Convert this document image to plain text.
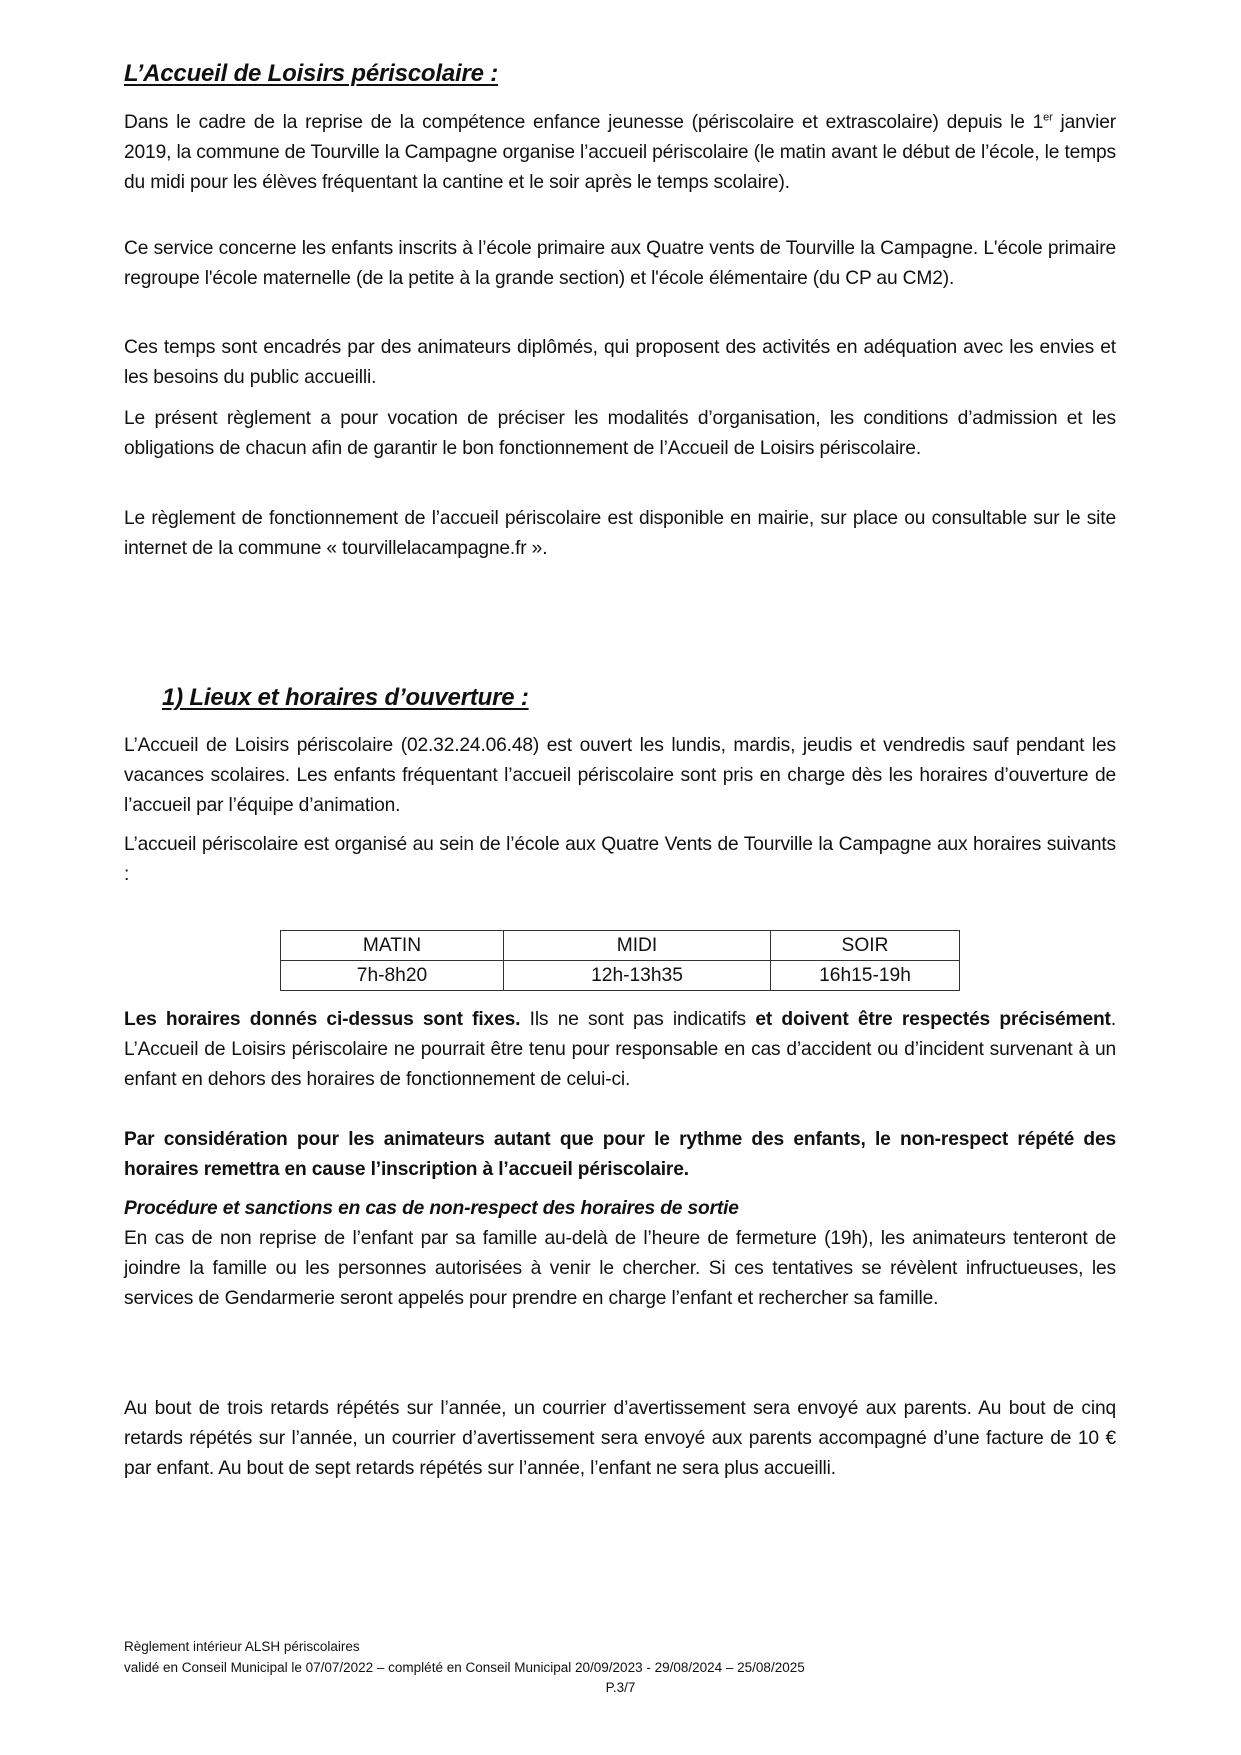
L’Accueil de Loisirs périscolaire :
Dans le cadre de la reprise de la compétence enfance jeunesse (périscolaire et extrascolaire) depuis le 1er janvier 2019, la commune de Tourville la Campagne organise l’accueil périscolaire (le matin avant le début de l’école, le temps du midi pour les élèves fréquentant la cantine et le soir après le temps scolaire).
Ce service concerne les enfants inscrits à l’école primaire aux Quatre vents de Tourville la Campagne. L'école primaire regroupe l'école maternelle (de la petite à la grande section) et l'école élémentaire (du CP au CM2).
Ces temps sont encadrés par des animateurs diplômés, qui proposent des activités en adéquation avec les envies et les besoins du public accueilli.
Le présent règlement a pour vocation de préciser les modalités d’organisation, les conditions d’admission et les obligations de chacun afin de garantir le bon fonctionnement de l’Accueil de Loisirs périscolaire.
Le règlement de fonctionnement de l’accueil périscolaire est disponible en mairie, sur place ou consultable sur le site internet de la commune « tourvillelacampagne.fr ».
1) Lieux et horaires d’ouverture :
L’Accueil de Loisirs périscolaire (02.32.24.06.48) est ouvert les lundis, mardis, jeudis et vendredis sauf pendant les vacances scolaires. Les enfants fréquentant l’accueil périscolaire sont pris en charge dès les horaires d’ouverture de l’accueil par l’équipe d’animation.
L’accueil périscolaire est organisé au sein de l’école aux Quatre Vents de Tourville la Campagne aux horaires suivants :
MATIN	MIDI	SOIR
7h-8h20	12h-13h35	16h15-19h
Les horaires donnés ci-dessus sont fixes. Ils ne sont pas indicatifs et doivent être respectés précisément. L’Accueil de Loisirs périscolaire ne pourrait être tenu pour responsable en cas d’accident ou d’incident survenant à un enfant en dehors des horaires de fonctionnement de celui-ci.
Par considération pour les animateurs autant que pour le rythme des enfants, le non-respect répété des horaires remettra en cause l’inscription à l’accueil périscolaire.
Procédure et sanctions en cas de non-respect des horaires de sortie
En cas de non reprise de l’enfant par sa famille au-delà de l’heure de fermeture (19h), les animateurs tenteront de joindre la famille ou les personnes autorisées à venir le chercher. Si ces tentatives se révèlent infructueuses, les services de Gendarmerie seront appelés pour prendre en charge l’enfant et rechercher sa famille.
Au bout de trois retards répétés sur l’année, un courrier d’avertissement sera envoyé aux parents. Au bout de cinq retards répétés sur l’année, un courrier d’avertissement sera envoyé aux parents accompagné d’une facture de 10 € par enfant. Au bout de sept retards répétés sur l’année, l’enfant ne sera plus accueilli.
Règlement intérieur ALSH périscolaires
validé en Conseil Municipal le 07/07/2022 – complété en Conseil Municipal 20/09/2023 - 29/08/2024 – 25/08/2025
P.3/7
